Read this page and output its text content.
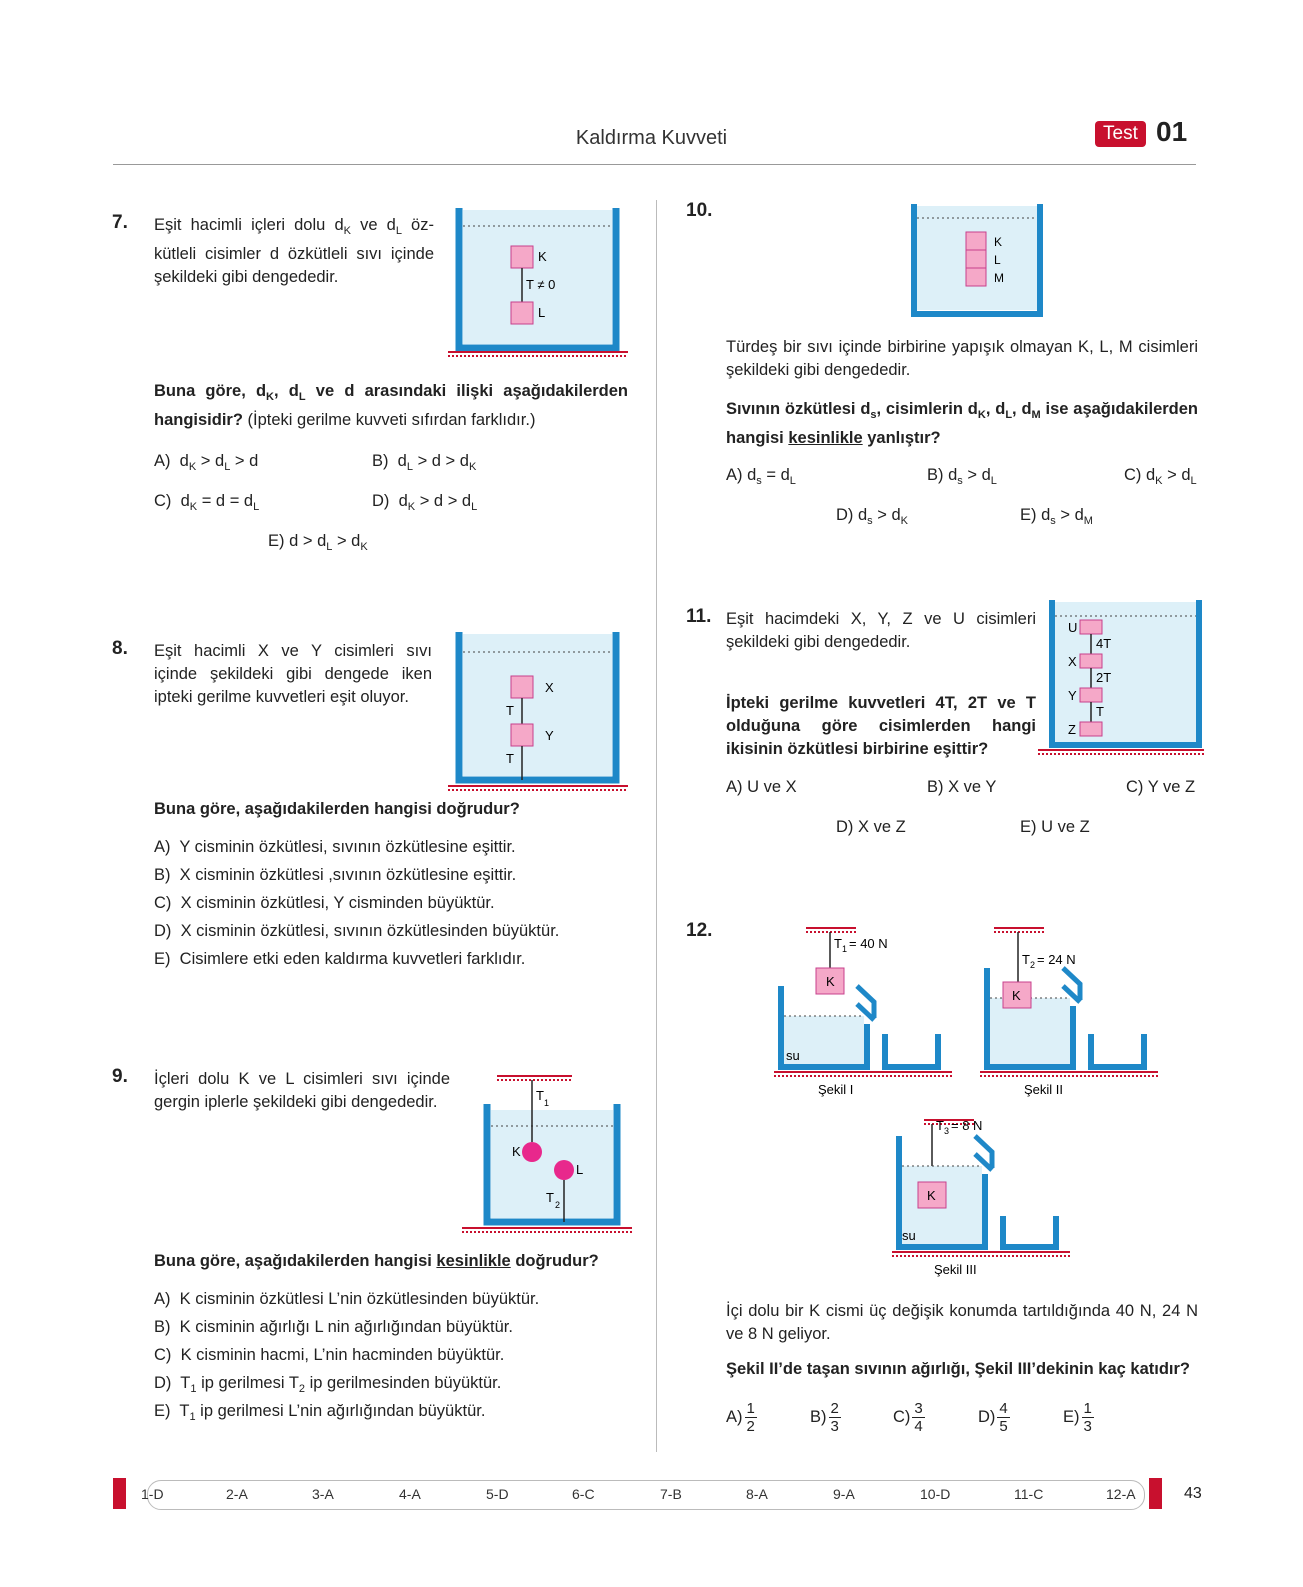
Kaldırma Kuvveti	Test 01
7. Eşit hacimli içleri dolu $d_K$ ve $d_L$ özkütleli cisimler d özkütleli sıvı içinde şekildeki gibi dengededir.
K
T ≠ 0
L
Buna göre, $d_K$, $d_L$ ve d arasındaki ilişki aşağıdakilerden hangisidir? (İpteki gerilme kuvveti sıfırdan farklıdır.)
A)  $d_K > d_L > d$	B)  $d_L > d > d_K$
C)  $d_K = d = d_L$	D)  $d_K > d > d_L$
E) $d > d_L > d_K$
8. Eşit hacimli X ve Y cisimleri sıvı içinde şekildeki gibi dengede iken ipteki gerilme kuvvetleri eşit oluyor.
X
Y
T
T
Buna göre, aşağıdakilerden hangisi doğrudur?
A) Y cisminin özkütlesi, sıvının özkütlesine eşittir.
B) X cisminin özkütlesi ,sıvının özkütlesine eşittir.
C) X cisminin özkütlesi, Y cisminden büyüktür.
D) X cisminin özkütlesi, sıvının özkütlesinden büyüktür.
E) Cisimlere etki eden kaldırma kuvvetleri farklıdır.
9. İçleri dolu K ve L cisimleri sıvı içinde gergin iplerle şekildeki gibi dengededir.	T 1
K
L
T 2
Buna göre, aşağıdakilerden hangisi kesinlikle doğrudur?
A) K cisminin özkütlesi L’nin özkütlesinden büyüktür.
B) K cisminin ağırlığı L nin ağırlığından büyüktür.
C) K cisminin hacmi, L’nin hacminden büyüktür.
D)  $T_1$ ip gerilmesi $T_2$ ip gerilmesinden büyüktür.
E)  $T_1$ ip gerilmesi L’nin ağırlığından büyüktür.
10.
K
L
M
Türdeş bir sıvı içinde birbirine yapışık olmayan K, L, M cisimleri şekildeki gibi dengededir.
Sıvının özkütlesi $d_s$, cisimlerin $d_K$, $d_L$, $d_M$ ise aşağıdakilerden hangisi kesinlikle yanlıştır?
A) $d_s = d_L$	B) $d_s > d_L$	C) $d_K > d_L$
D) $d_s > d_K$	E) $d_s > d_M$
11. Eşit hacimdeki X, Y, Z ve U cisimleri şekildeki gibi dengededir.
İpteki gerilme kuvvetleri 4T, 2T ve T olduğuna göre cisimlerden hangi ikisinin özkütlesi birbirine eşittir?
U
X
Y
Z
4T
2T
T
A) U ve X	B) X ve Y	C) Y ve Z
D) X ve Z	E) U ve Z
12.
K
T 1 = 40 N
su
Şekil I
K
T 2 = 24 N
Şekil II
K
T 3 = 8 N
su
Şekil III
İçi dolu bir K cismi üç değişik konumda tartıldığında 40 N, 24 N ve 8 N geliyor.
Şekil II’de taşan sıvının ağırlığı, Şekil III’dekinin kaç katıdır?
$A) \frac{1}{2}$	$B) \frac{2}{3}$	$C) \frac{3}{4}$	$D) \frac{4}{5}$	$E) \frac{1}{3}$
1-D	2-A	3-A	4-A	5-D	6-C	7-B	8-A	9-A	10-D	11-C	12-A	43
